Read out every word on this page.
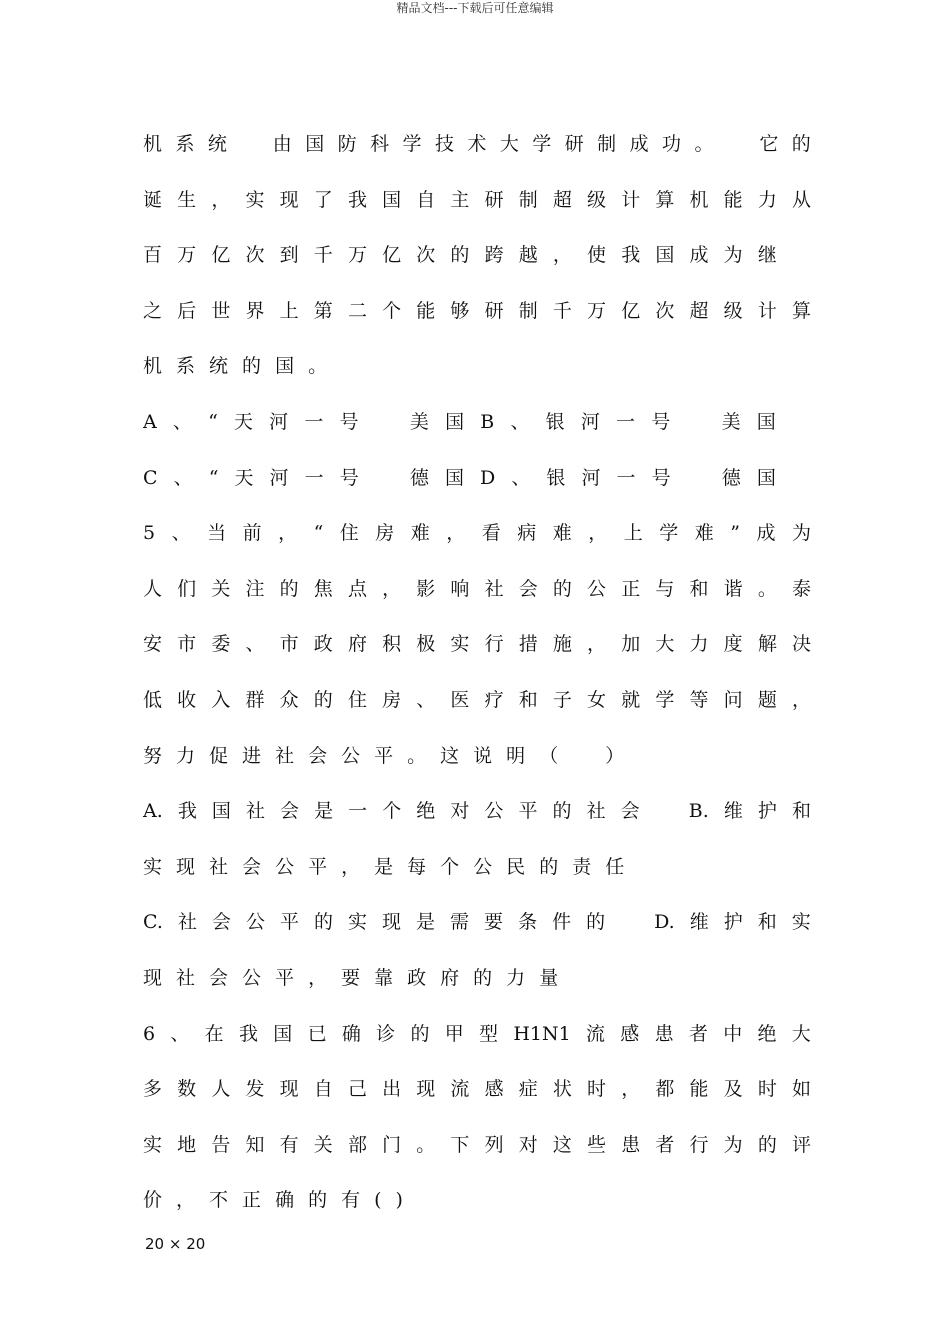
精品文档---下载后可任意编辑
机 系 统
　 由 国 防 科 学 技 术 大 学 研 制 成 功 。
　 它 的
诞 生 ， 实 现 了 我 国 自 主 研 制 超 级 计 算 机 能 力 从
百 万 亿 次 到 千 万 亿 次 的 跨 越 ， 使 我 国 成 为 继

之 后 世 界 上 第 二 个 能 够 研 制 千 万 亿 次 超 级 计 算
机 系 统 的 国 。
A 、 “ 天 河 一 号
　	美 国 B 、 银 河 一 号
　	美 国

C 、 “ 天 河 一 号
　	德 国 D 、 银 河 一 号
　	德 国

5 、 当 前 ， “ 住 房 难 ， 看 病 难 ， 上 学 难 ” 成 为
人 们 关 注 的 焦 点 ， 影 响 社 会 的 公 正 与 和 谐 。 泰
安 市 委 、 市 政 府 积 极 实 行 措 施 ， 加 大 力 度 解 决
低 收 入 群 众 的 住 房 、 医 疗 和 子 女 就 学 等 问 题 ，
努 力 促 进 社 会 公 平 。 这 说 明 （
　 ）
A. 我 国 社 会 是 一 个 绝 对 公 平 的 社 会
　	B. 维 护 和
实 现 社 会 公 平 ， 是 每 个 公 民 的 责 任
C. 社 会 公 平 的 实 现 是 需 要 条 件 的
　	D. 维 护 和 实
现 社 会 公 平 ， 要 靠 政 府 的 力 量
6 、 在 我 国 已 确 诊 的 甲 型 H1N1 流 感 患 者 中 绝 大
多 数 人 发 现 自 己 出 现 流 感 症 状 时 ， 都 能 及 时 如
实 地 告 知 有 关 部 门 。 下 列 对 这 些 患 者 行 为 的 评
价 ， 不 正 确 的 有 ( )
20 × 20
